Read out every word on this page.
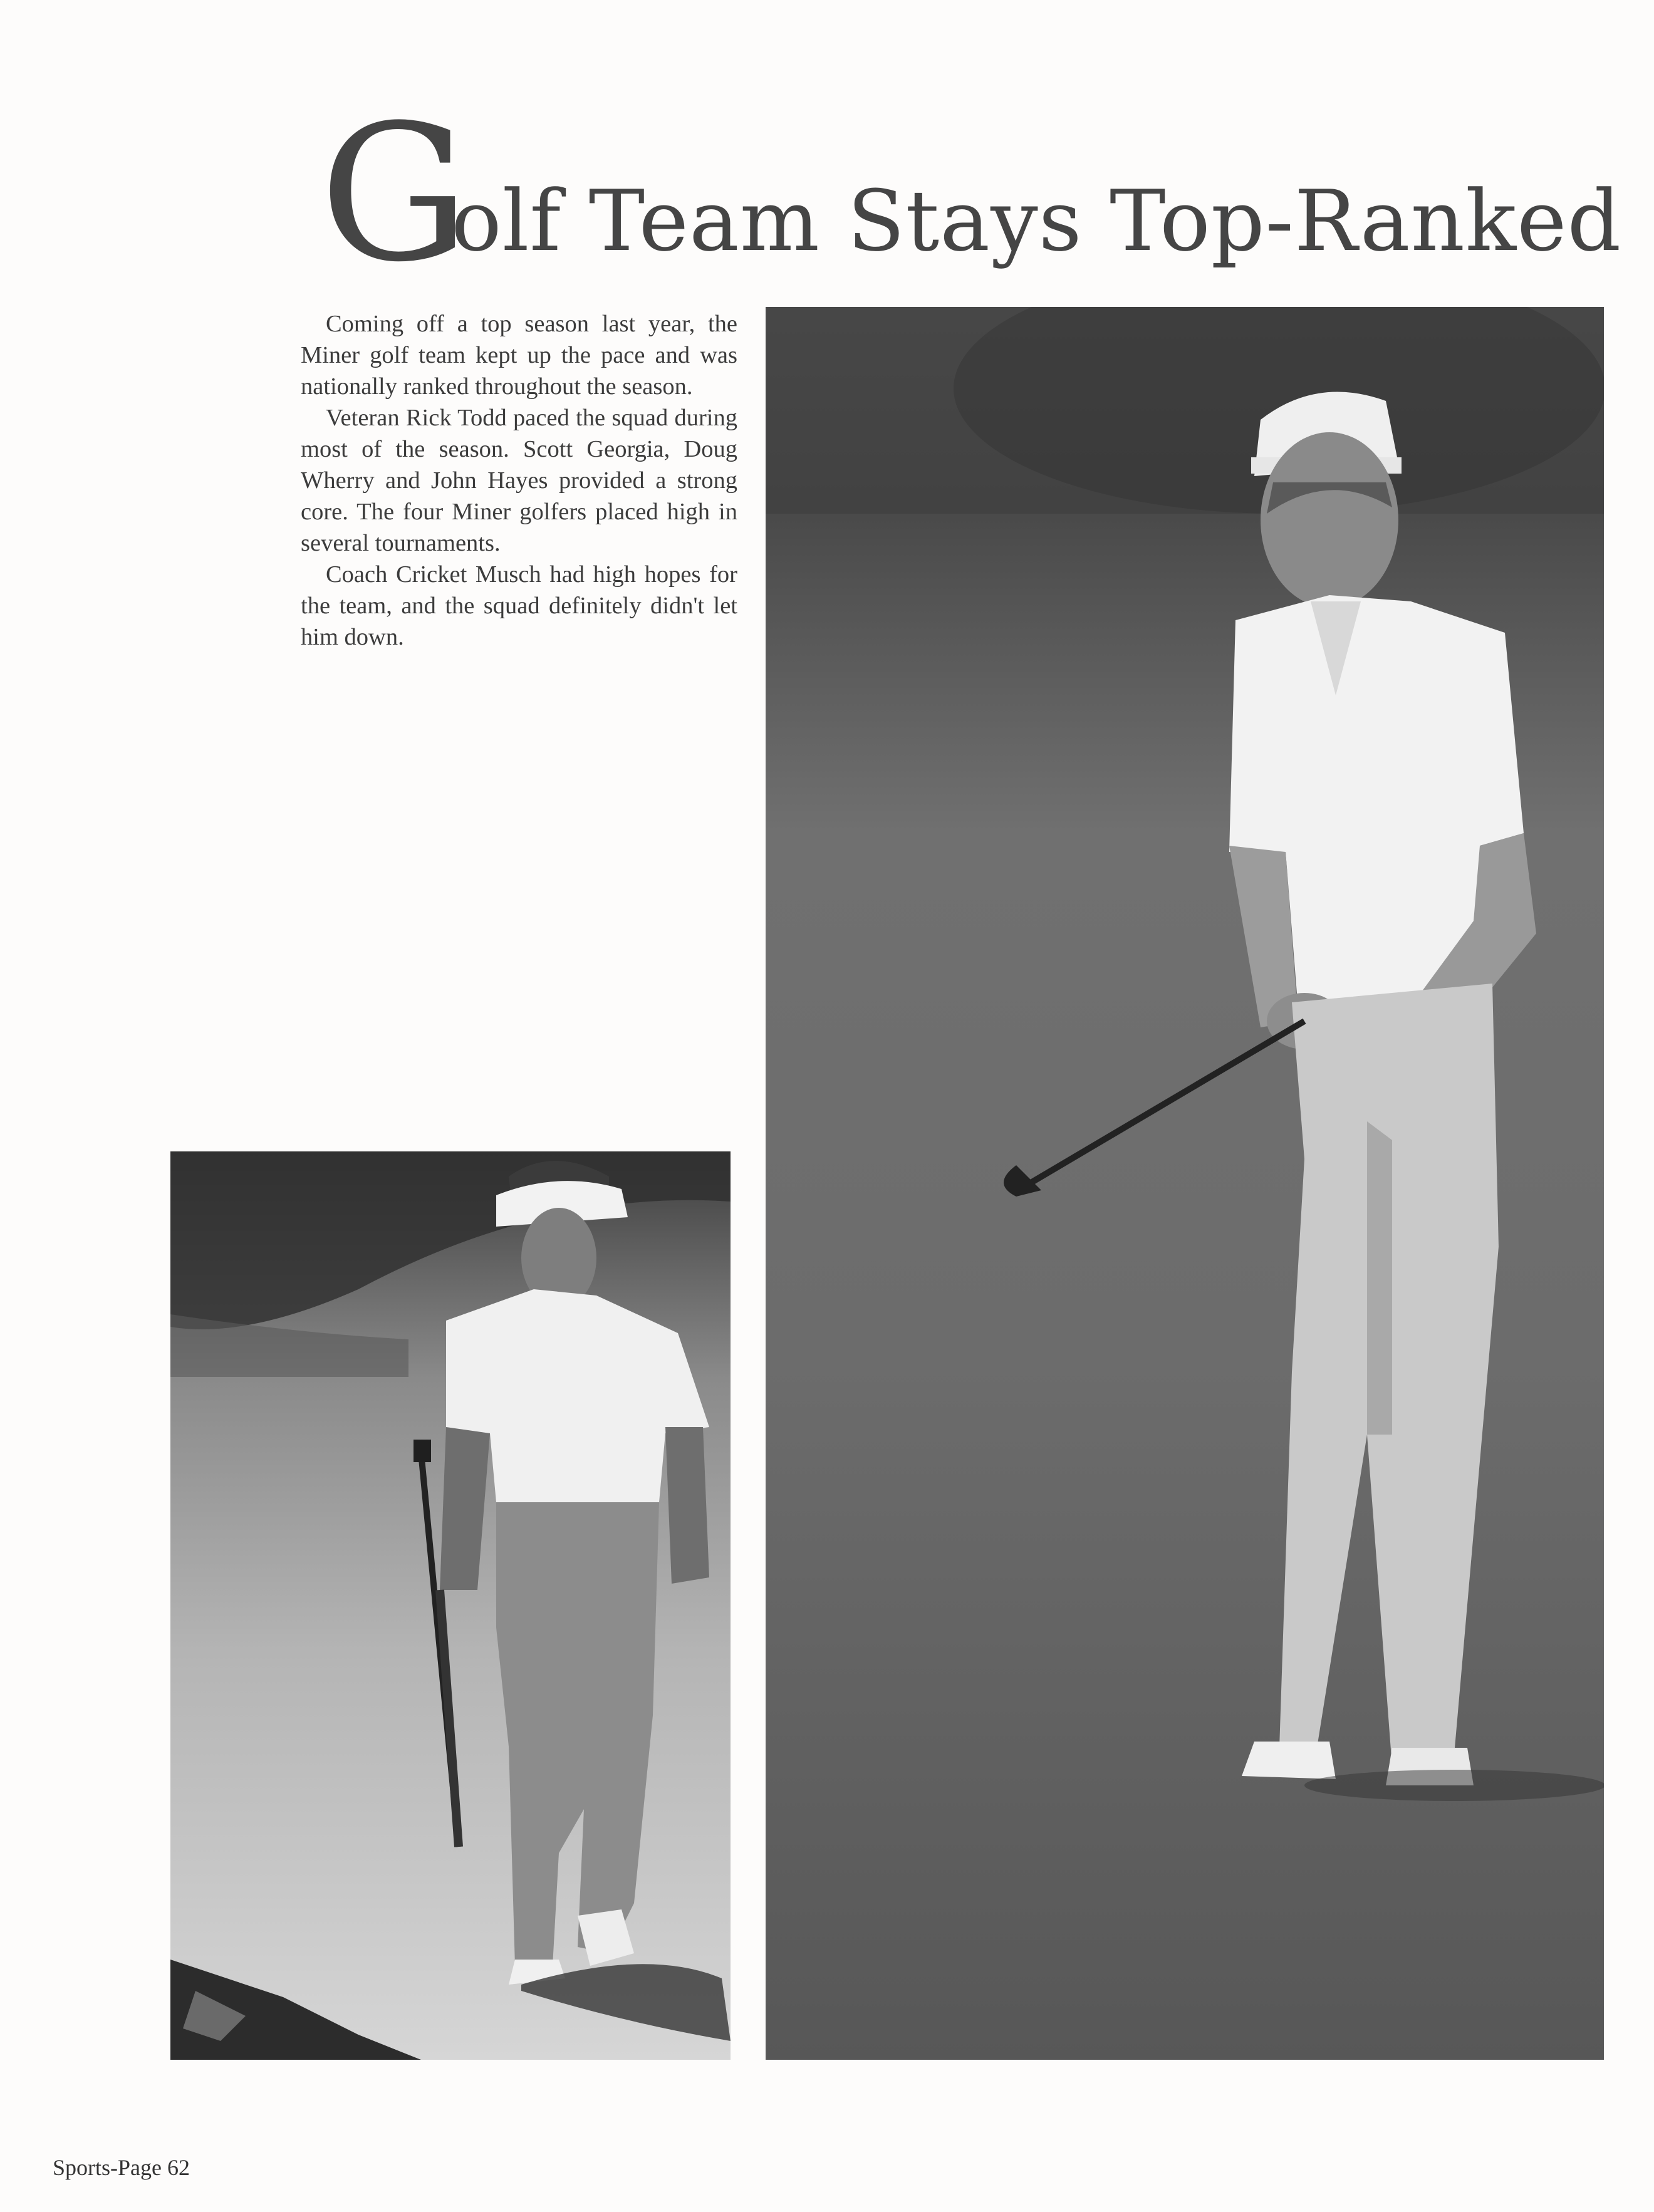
G
olf Team Stays Top-Ranked

Coming off a top season last year, the Miner golf team kept up the pace and was nationally ranked throughout the season.

Veteran Rick Todd paced the squad during most of the season. Scott Georgia, Doug Wherry and John Hayes provided a strong core. The four Miner golfers placed high in several tournaments.

Coach Cricket Musch had high hopes for the team, and the squad definitely didn't let him down.

Sports-Page 62
